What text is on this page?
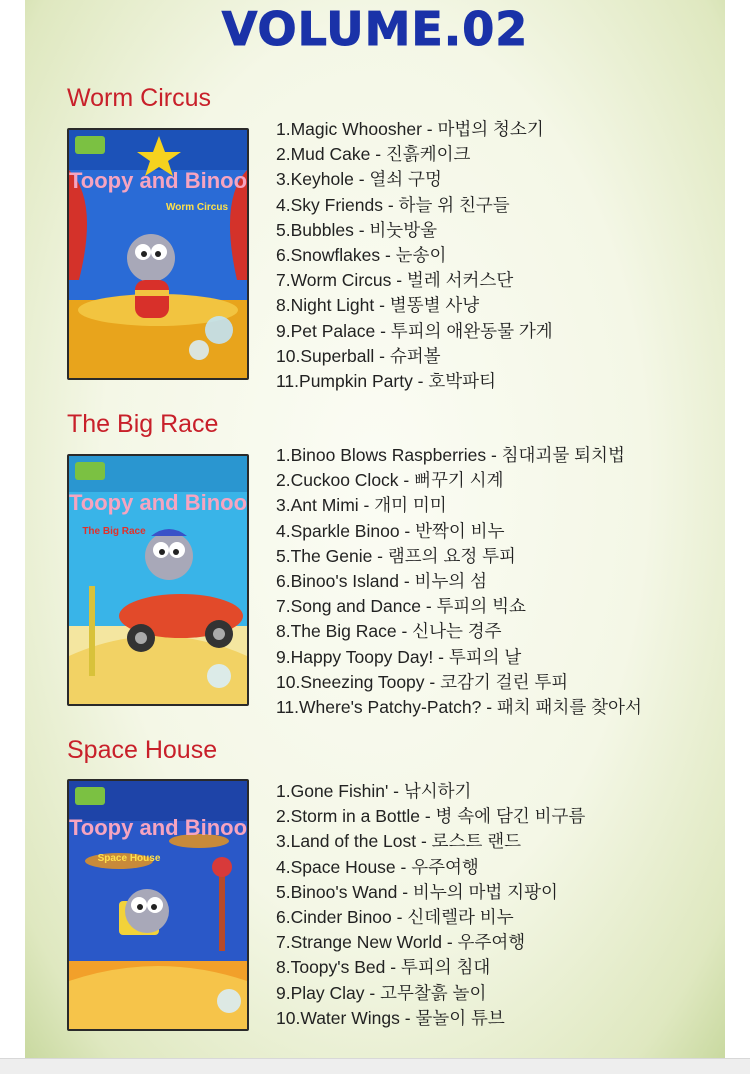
VOLUME.02
Worm Circus
Toopy and Binoo
Worm Circus
1.Magic Whoosher - 마법의 청소기
2.Mud Cake - 진흙케이크
3.Keyhole - 열쇠 구멍
4.Sky Friends - 하늘 위 친구들
5.Bubbles - 비눗방울
6.Snowflakes - 눈송이
7.Worm Circus - 벌레 서커스단
8.Night Light - 별똥별 사냥
9.Pet Palace - 투피의 애완동물 가게
10.Superball - 슈퍼볼
11.Pumpkin Party - 호박파티
The Big Race
Toopy and Binoo
The Big Race
1.Binoo Blows Raspberries - 침대괴물 퇴치법
2.Cuckoo Clock - 뻐꾸기 시계
3.Ant Mimi - 개미 미미
4.Sparkle Binoo - 반짝이 비누
5.The Genie - 램프의 요정 투피
6.Binoo's Island - 비누의 섬
7.Song and Dance - 투피의 빅쇼
8.The Big Race - 신나는 경주
9.Happy Toopy Day! - 투피의 날
10.Sneezing Toopy - 코감기 걸린 투피
11.Where's Patchy-Patch? - 패치 패치를 찾아서
Space House
Toopy and Binoo
Space House
1.Gone Fishin' - 낚시하기
2.Storm in a Bottle - 병 속에 담긴 비구름
3.Land of the Lost - 로스트 랜드
4.Space House - 우주여행
5.Binoo's Wand - 비누의 마법 지팡이
6.Cinder Binoo - 신데렐라 비누
7.Strange New World - 우주여행
8.Toopy's Bed - 투피의 침대
9.Play Clay - 고무찰흙 놀이
10.Water Wings - 물놀이 튜브
